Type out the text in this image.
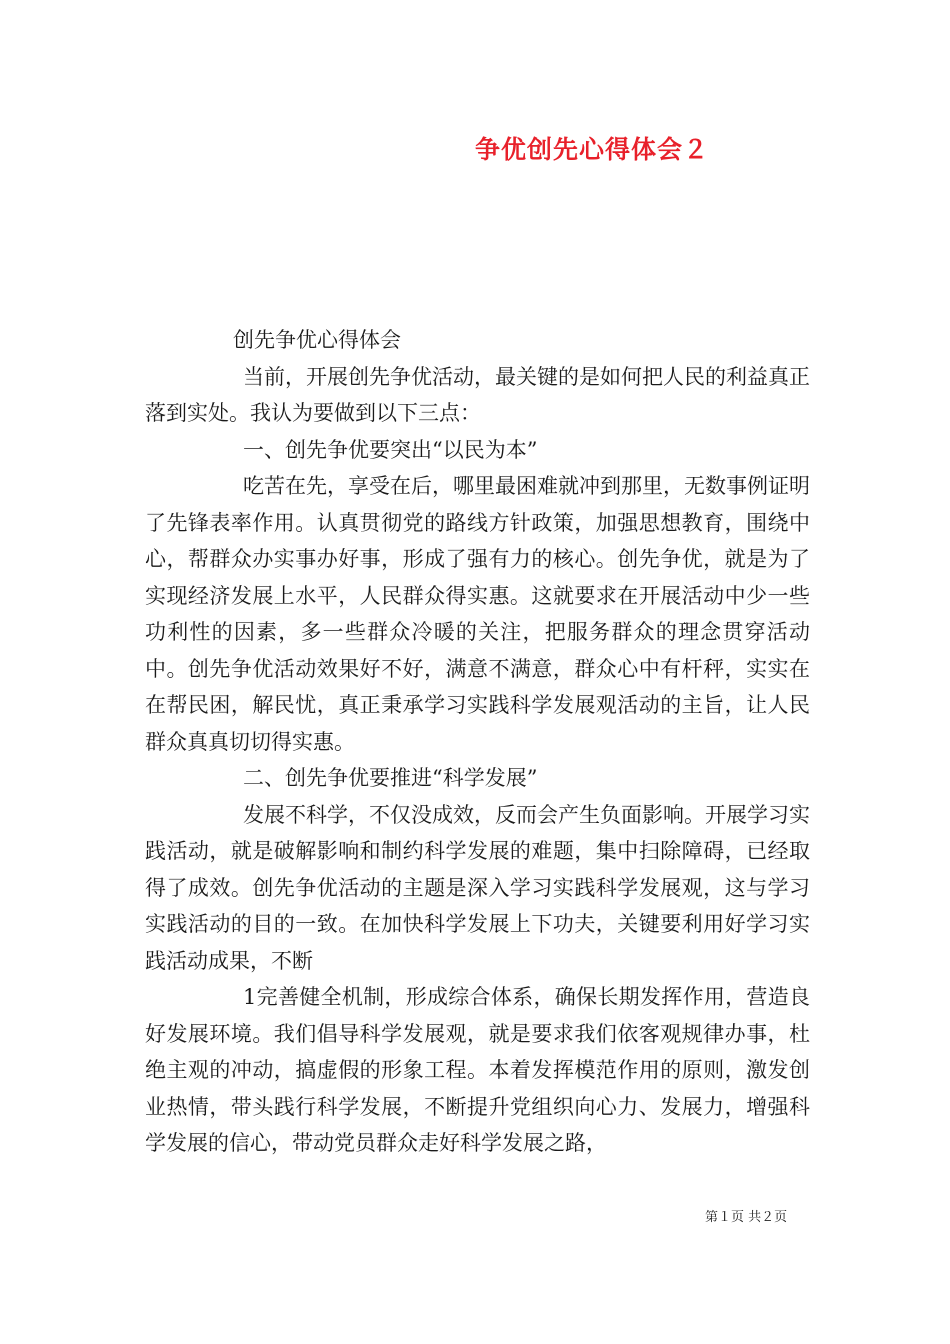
争优创先心得体会２

创先争优心得体会

当前，开展创先争优活动，最关键的是如何把人民的利益真正落到实处。我认为要做到以下三点：

一、创先争优要突出“以民为本”

吃苦在先，享受在后，哪里最困难就冲到那里，无数事例证明了先锋表率作用。认真贯彻党的路线方针政策，加强思想教育，围绕中心，帮群众办实事办好事，形成了强有力的核心。创先争优，就是为了实现经济发展上水平，人民群众得实惠。这就要求在开展活动中少一些功利性的因素，多一些群众冷暖的关注，把服务群众的理念贯穿活动中。创先争优活动效果好不好，满意不满意，群众心中有杆秤，实实在在帮民困，解民忧，真正秉承学习实践科学发展观活动的主旨，让人民群众真真切切得实惠。

二、创先争优要推进“科学发展”

发展不科学，不仅没成效，反而会产生负面影响。开展学习实践活动，就是破解影响和制约科学发展的难题，集中扫除障碍，已经取得了成效。创先争优活动的主题是深入学习实践科学发展观，这与学习实践活动的目的一致。在加快科学发展上下功夫，关键要利用好学习实践活动成果，不断

1完善健全机制，形成综合体系，确保长期发挥作用，营造良好发展环境。我们倡导科学发展观，就是要求我们依客观规律办事，杜绝主观的冲动，搞虚假的形象工程。本着发挥模范作用的原则，激发创业热情，带头践行科学发展，不断提升党组织向心力、发展力，增强科学发展的信心，带动党员群众走好科学发展之路，

第１页 共２页
